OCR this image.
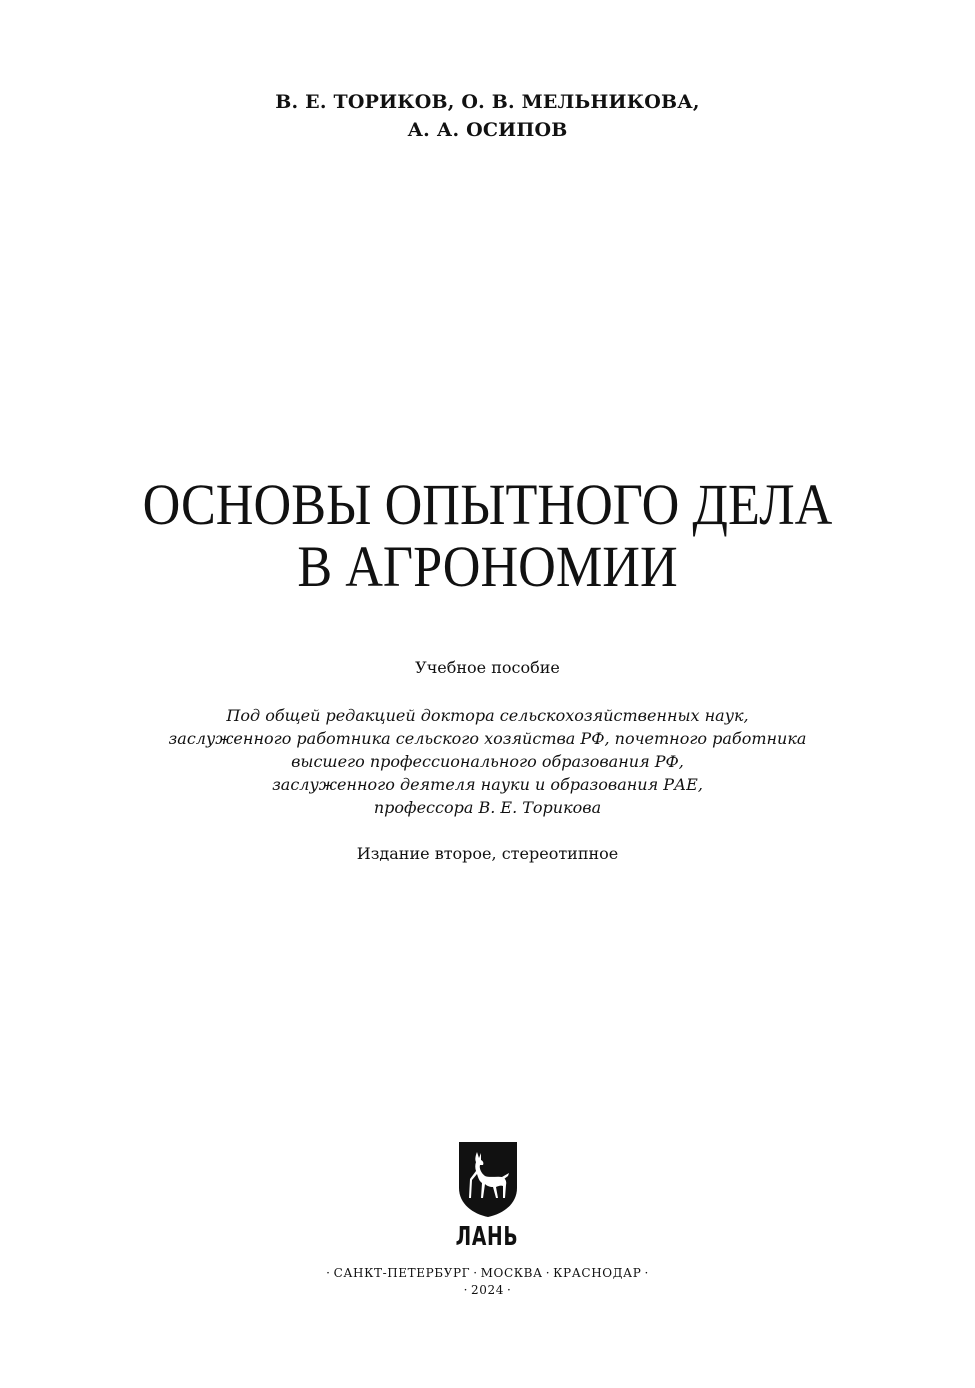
В. Е. ТОРИКОВ, О. В. МЕЛЬНИКОВА,
А. А. ОСИПОВ
ОСНОВЫ ОПЫТНОГО ДЕЛА
В АГРОНОМИИ
Учебное пособие
Под общей редакцией доктора сельскохозяйственных наук,
заслуженного работника сельского хозяйства РФ, почетного работника
высшего профессионального образования РФ,
заслуженного деятеля науки и образования РАЕ,
профессора В. Е. Торикова
Издание второе, стереотипное
ЛАНЬ
· САНКТ-ПЕТЕРБУРГ · МОСКВА · КРАСНОДАР ·
· 2024 ·
